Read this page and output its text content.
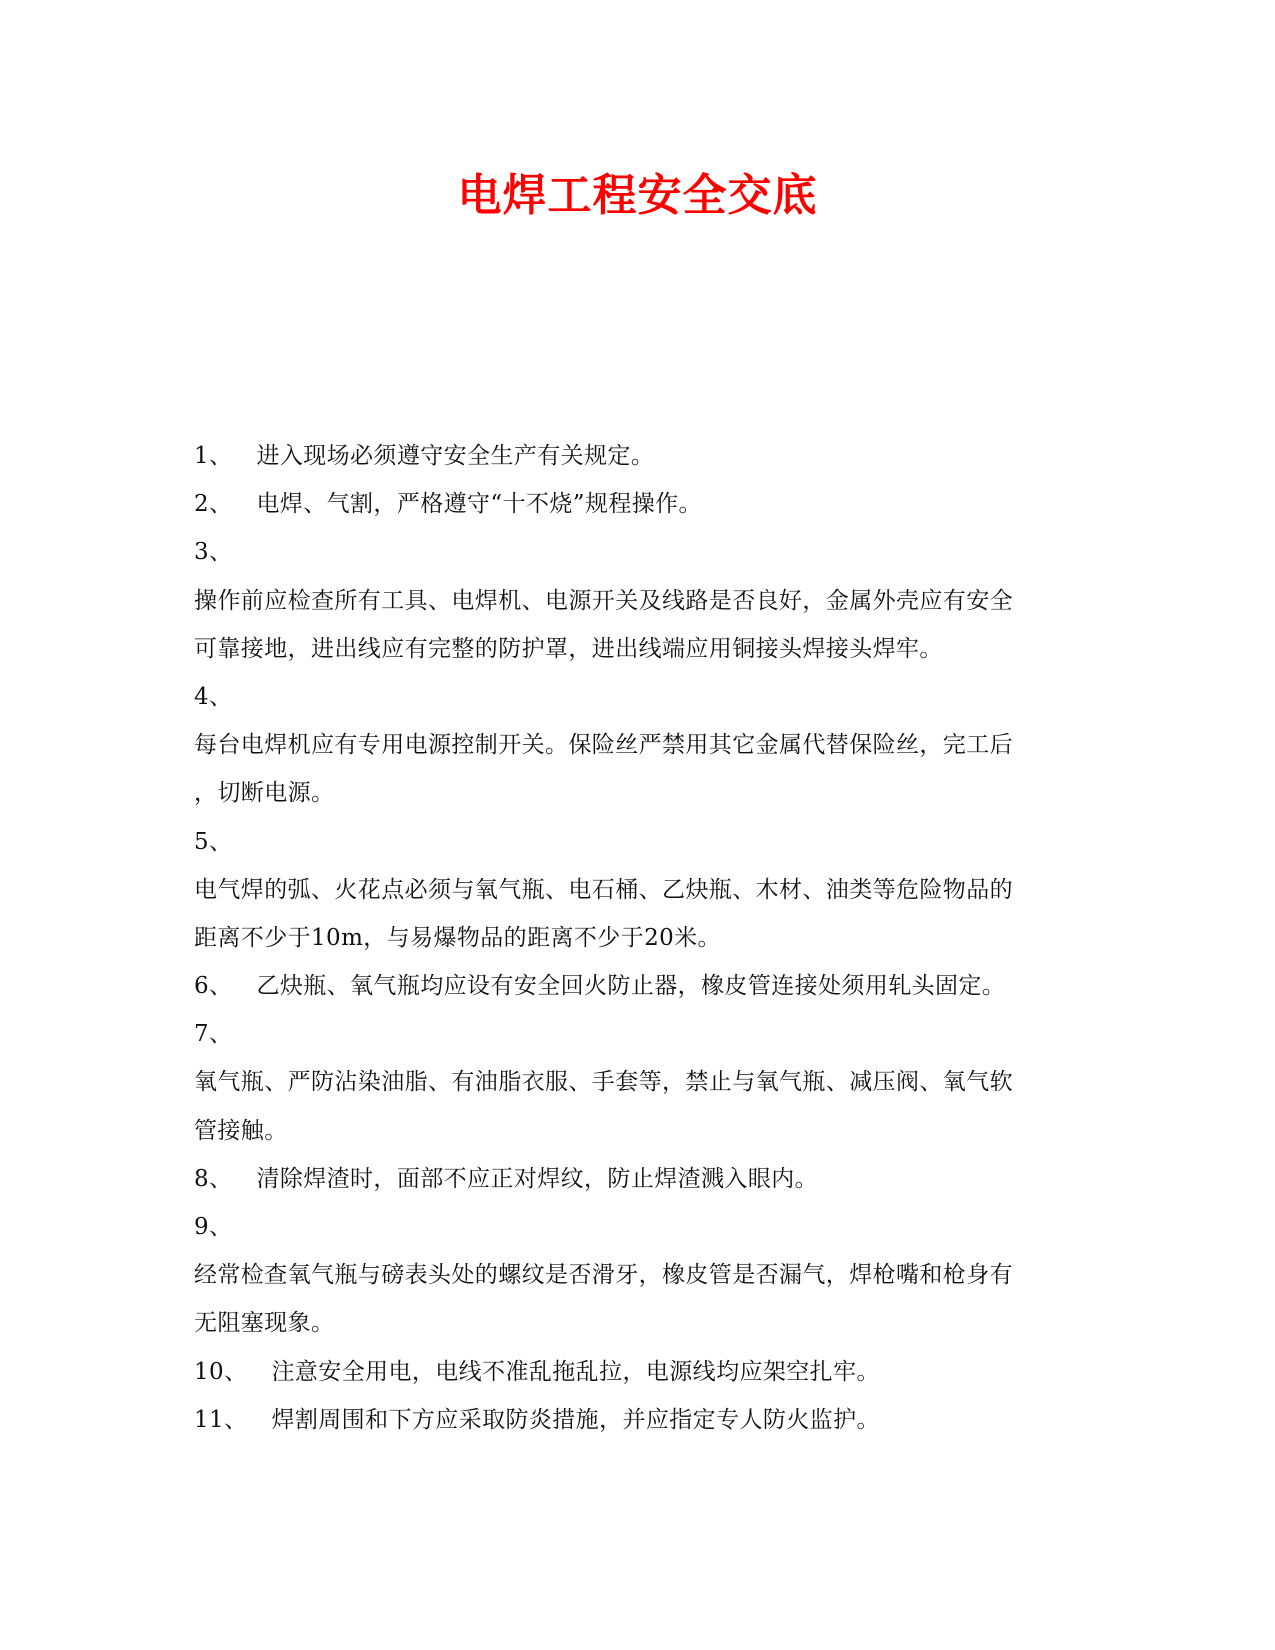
电焊工程安全交底
1、 进入现场必须遵守安全生产有关规定。
2、 电焊、气割，严格遵守“十不烧”规程操作。
3、
操作前应检查所有工具、电焊机、电源开关及线路是否良好，金属外壳应有安全
可靠接地，进出线应有完整的防护罩，进出线端应用铜接头焊接头焊牢。
4、
每台电焊机应有专用电源控制开关。保险丝严禁用其它金属代替保险丝，完工后
，切断电源。
5、
电气焊的弧、火花点必须与氧气瓶、电石桶、乙炔瓶、木材、油类等危险物品的
距离不少于10m，与易爆物品的距离不少于20米。
6、 乙炔瓶、氧气瓶均应设有安全回火防止器，橡皮管连接处须用轧头固定。
7、
氧气瓶、严防沾染油脂、有油脂衣服、手套等，禁止与氧气瓶、减压阀、氧气软
管接触。
8、 清除焊渣时，面部不应正对焊纹，防止焊渣溅入眼内。
9、
经常检查氧气瓶与磅表头处的螺纹是否滑牙，橡皮管是否漏气，焊枪嘴和枪身有
无阻塞现象。
10、 注意安全用电，电线不准乱拖乱拉，电源线均应架空扎牢。
11、 焊割周围和下方应采取防炎措施，并应指定专人防火监护。
